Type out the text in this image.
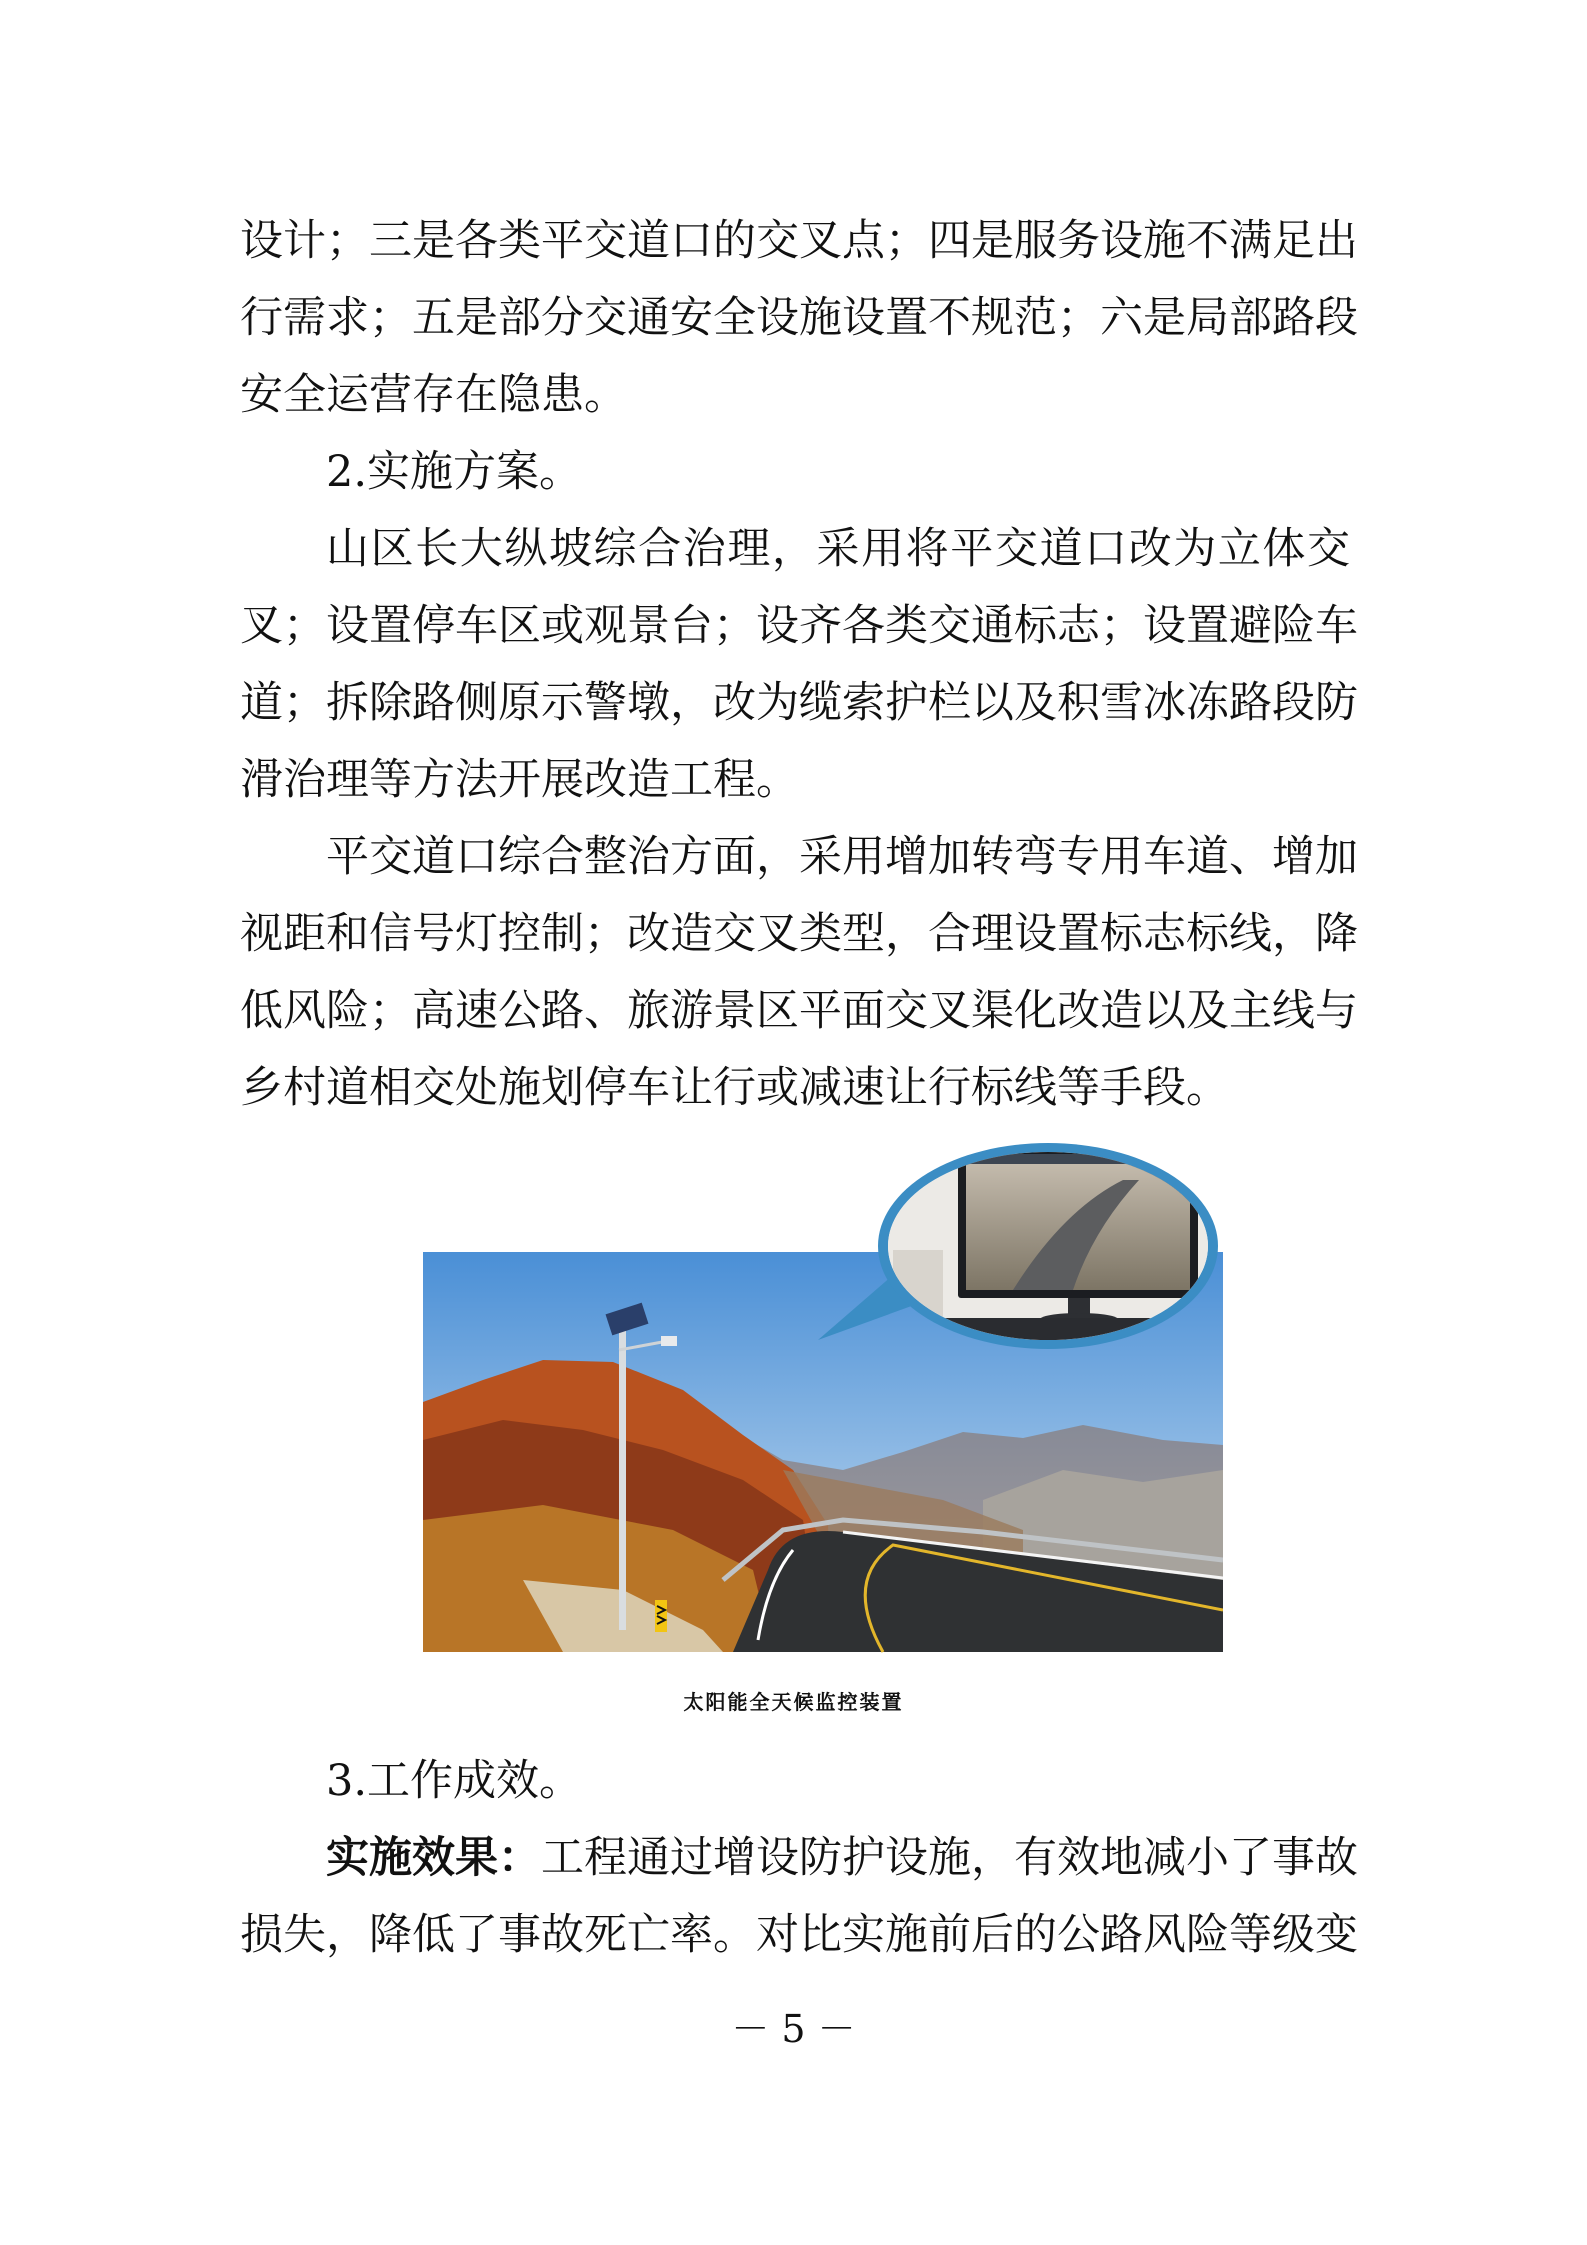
设计；三是各类平交道口的交叉点；四是服务设施不满足出
行需求；五是部分交通安全设施设置不规范；六是局部路段
安全运营存在隐患。
2.实施方案。
山区长大纵坡综合治理，采用将平交道口改为立体交
叉；设置停车区或观景台；设齐各类交通标志；设置避险车
道；拆除路侧原示警墩，改为缆索护栏以及积雪冰冻路段防
滑治理等方法开展改造工程。
平交道口综合整治方面，采用增加转弯专用车道、增加
视距和信号灯控制；改造交叉类型，合理设置标志标线，降
低风险；高速公路、旅游景区平面交叉渠化改造以及主线与
乡村道相交处施划停车让行或减速让行标线等手段。
太阳能全天候监控装置
3.工作成效。
实施效果：工程通过增设防护设施，有效地减小了事故
损失，降低了事故死亡率。对比实施前后的公路风险等级变
－ 5 －
